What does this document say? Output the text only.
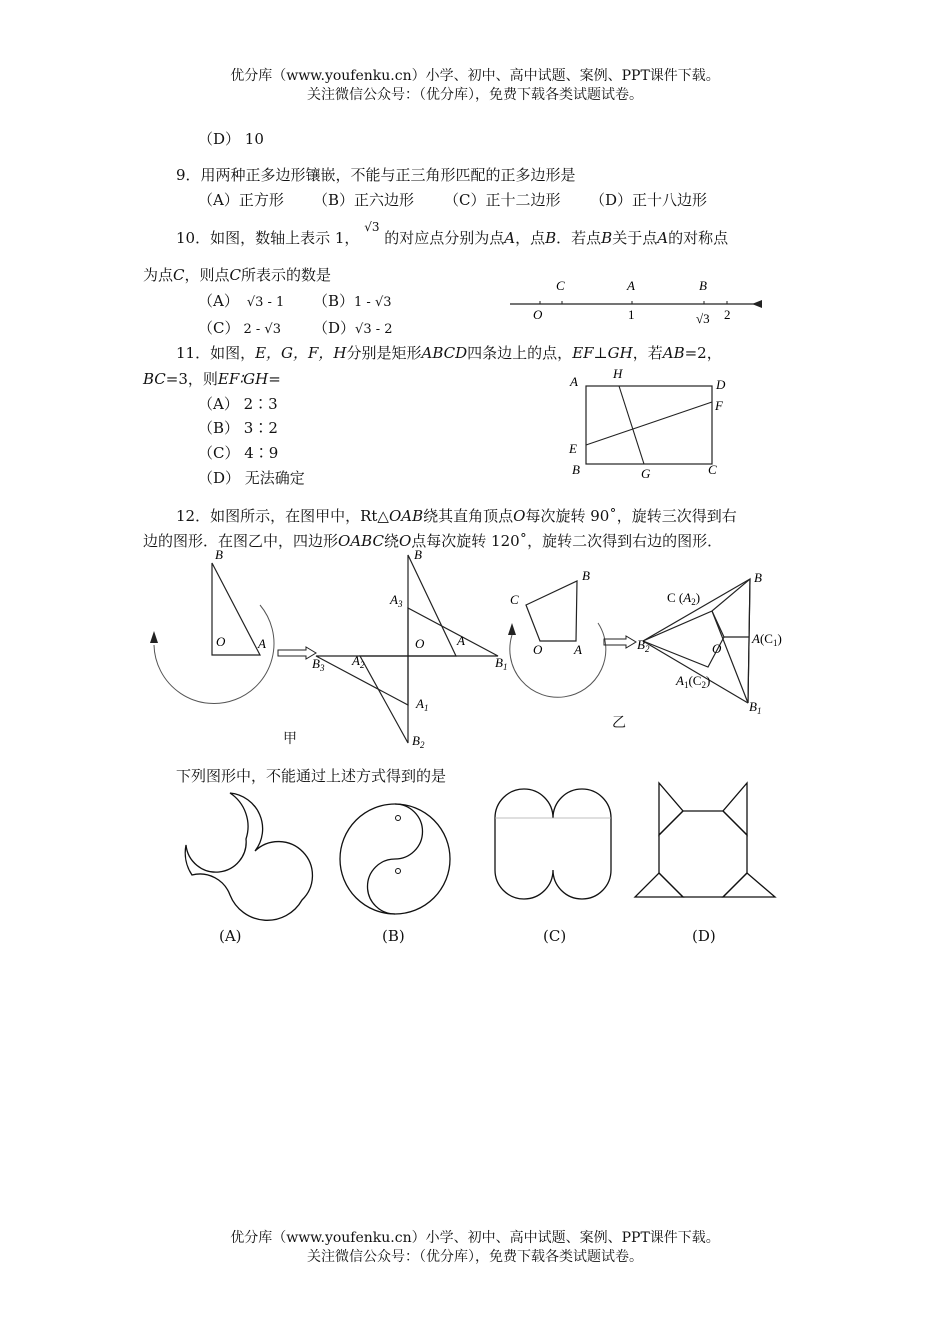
优分库（www.youfenku.cn）小学、初中、高中试题、案例、PPT课件下载。
关注微信公众号：（优分库），免费下载各类试题试卷。
（D） 10
9．用两种正多边形镶嵌，不能与正三角形匹配的正多边形是
（A）正方形 （B）正六边形 （C）正十二边形 （D）正十八边形
10．如图，数轴上表示 1， $^{√3}$ 的对应点分别为点A，点B．若点B关于点A的对称点
为点C，则点C所表示的数是
（A） √3 - 1 （B）1 - √3
（C） 2 - √3 （D）√3 - 2
C	A	B
O	1	√3 2
11．如图，E，G，F，H分别是矩形ABCD四条边上的点，EF⊥GH，若AB=2，
BC=3，则EF∶GH=
（A） 2∶3
（B） 3∶2
（C） 4∶9
（D） 无法确定
A
H
D
F
E
B	G	C
12．如图所示，在图甲中，Rt△OAB绕其直角顶点O每次旋转 90˚，旋转三次得到右
边的图形．在图乙中，四边形OABC绕O点每次旋转 120˚，旋转二次得到右边的图形．
B
O	A
B
$A_3$
O	A
$B_3$ $A_2$	$B_1$
$A_1$
$B_2$
B
C
O A
B
C $(A_2)$
$A(C_1)$
$B_2$	O
$A_1(C_2)$
$B_1$
甲
乙
下列图形中，不能通过上述方式得到的是
(A)	(B)	(C)	(D)
优分库（www.youfenku.cn）小学、初中、高中试题、案例、PPT课件下载。
关注微信公众号：（优分库），免费下载各类试题试卷。
